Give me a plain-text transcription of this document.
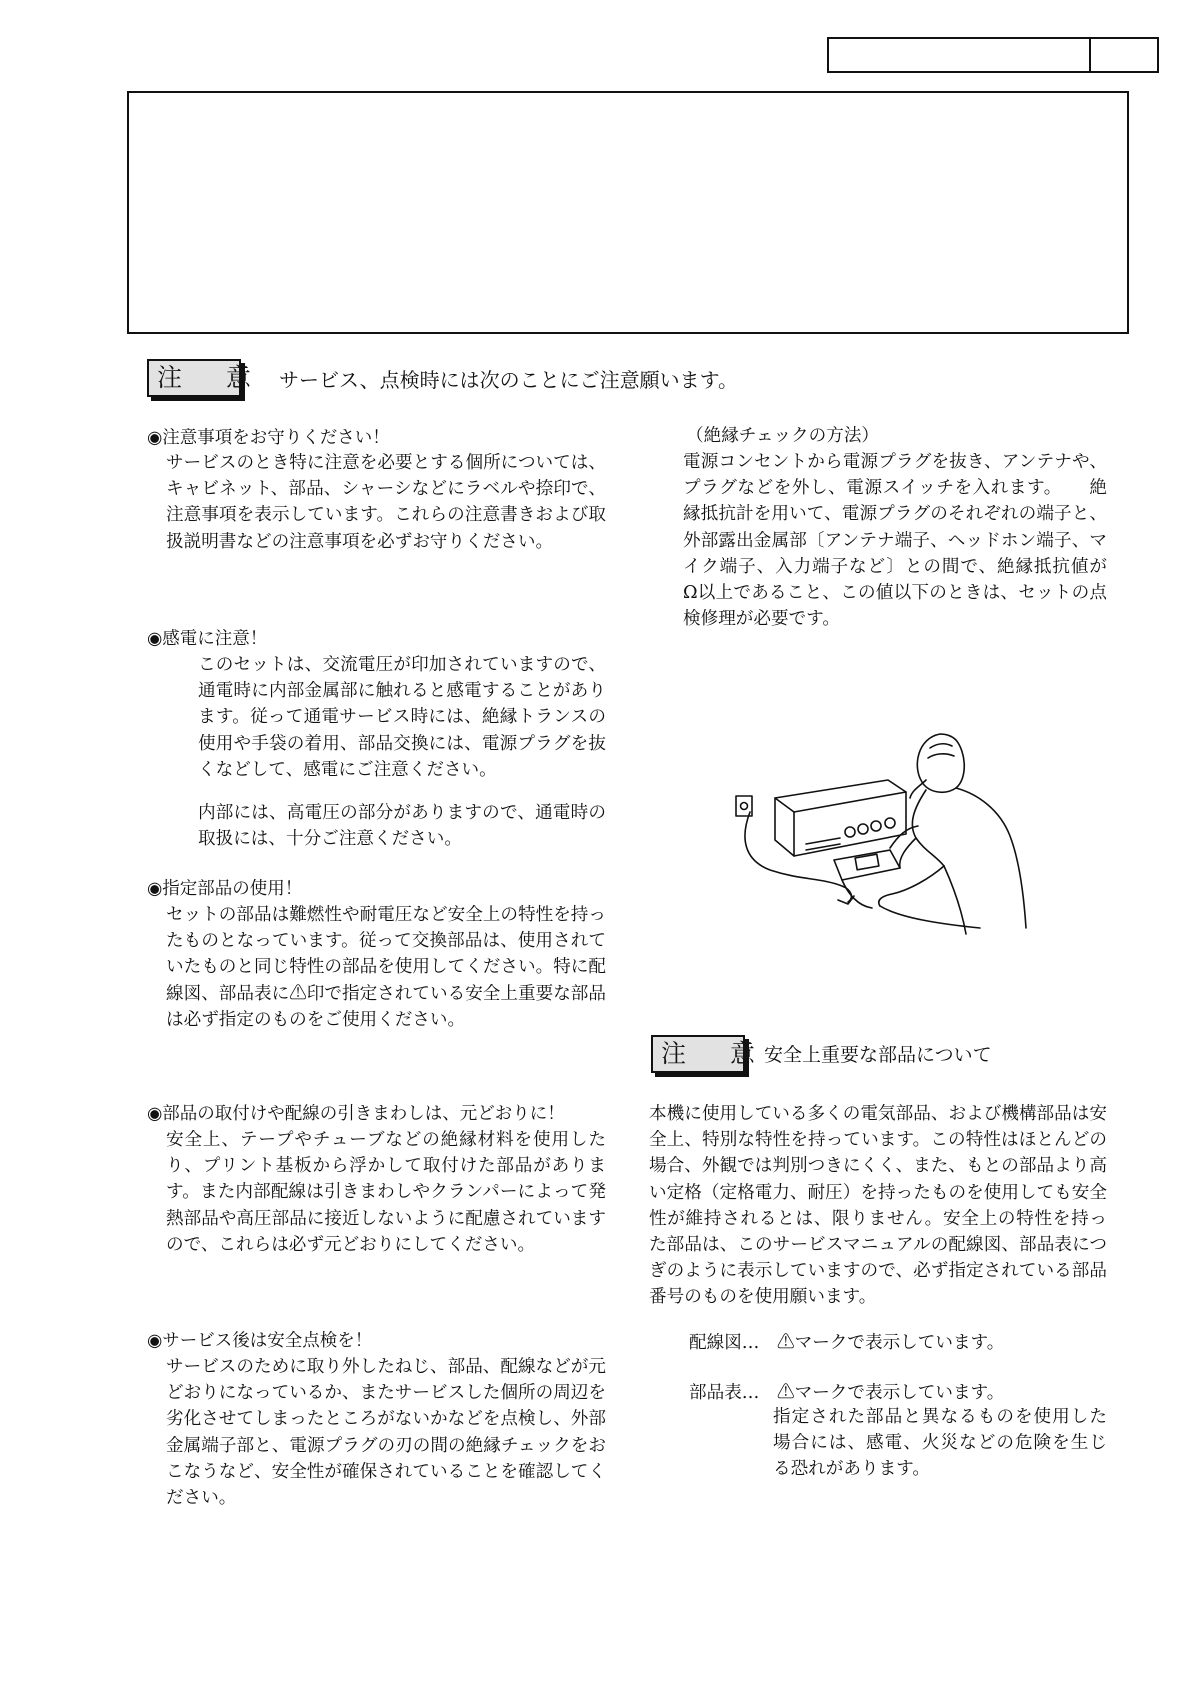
注 意 サービス、点検時には次のことにご注意願います。
◉注意事項をお守りください！

サービスのとき特に注意を必要とする個所については、キャビネット、部品、シャーシなどにラベルや捺印で、注意事項を表示しています。これらの注意書きおよび取扱説明書などの注意事項を必ずお守りください。

◉感電に注意！

このセットは、交流電圧が印加されていますので、通電時に内部金属部に触れると感電することがあります。従って通電サービス時には、絶縁トランスの使用や手袋の着用、部品交換には、電源プラグを抜くなどして、感電にご注意ください。

内部には、高電圧の部分がありますので、通電時の取扱には、十分ご注意ください。

◉指定部品の使用！

セットの部品は難燃性や耐電圧など安全上の特性を持ったものとなっています。従って交換部品は、使用されていたものと同じ特性の部品を使用してください。特に配線図、部品表に⚠印で指定されている安全上重要な部品は必ず指定のものをご使用ください。

◉部品の取付けや配線の引きまわしは、元どおりに！

安全上、テープやチューブなどの絶縁材料を使用したり、プリント基板から浮かして取付けた部品があります。また内部配線は引きまわしやクランパーによって発熱部品や高圧部品に接近しないように配慮されていますので、これらは必ず元どおりにしてください。

◉サービス後は安全点検を！

サービスのために取り外したねじ、部品、配線などが元どおりになっているか、またサービスした個所の周辺を劣化させてしまったところがないかなどを点検し、外部金属端子部と、電源プラグの刃の間の絶縁チェックをおこなうなど、安全性が確保されていることを確認してください。

（絶縁チェックの方法）

電源コンセントから電源プラグを抜き、アンテナや、プラグなどを外し、電源スイッチを入れます。　　絶縁抵抗計を用いて、電源プラグのそれぞれの端子と、外部露出金属部〔アンテナ端子、ヘッドホン端子、マイク端子、入力端子など〕との間で、絶縁抵抗値が　 Ω以上であること、この値以下のときは、セットの点検修理が必要です。

注 意
安全上重要な部品について

本機に使用している多くの電気部品、および機構部品は安全上、特別な特性を持っています。この特性はほとんどの場合、外観では判別つきにくく、また、もとの部品より高い定格（定格電力、耐圧）を持ったものを使用しても安全性が維持されるとは、限りません。安全上の特性を持った部品は、このサービスマニュアルの配線図、部品表につぎのように表示していますので、必ず指定されている部品番号のものを使用願います。

配線図… ⚠マークで表示しています。
部品表… ⚠マークで表示しています。

指定された部品と異なるものを使用した場合には、感電、火災などの危険を生じる恐れがあります。
